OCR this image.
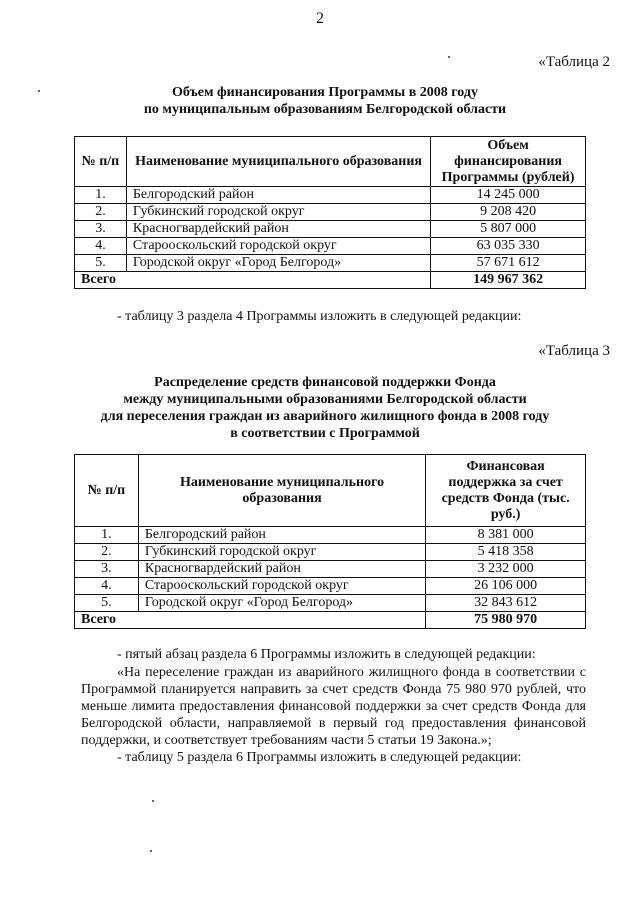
2
«Таблица 2
Объем финансирования Программы в 2008 году
по муниципальным образованиям Белгородской области
№ п/п	Наименование муниципального образования	Объем финансирования Программы (рублей)
1.	Белгородский район	14 245 000
2.	Губкинский городской округ	9 208 420
3.	Красногвардейский район	5 807 000
4.	Старооскольский городской округ	63 035 330
5.	Городской округ «Город Белгород»	57 671 612
Всего		149 967 362
- таблицу 3 раздела 4 Программы изложить в следующей редакции:
«Таблица 3
Распределение средств финансовой поддержки Фонда
между муниципальными образованиями Белгородской области
для переселения граждан из аварийного жилищного фонда в 2008 году
в соответствии с Программой
№ п/п	Наименование муниципального образования	Финансовая поддержка за счет средств Фонда (тыс. руб.)
1.	Белгородский район	8 381 000
2.	Губкинский городской округ	5 418 358
3.	Красногвардейский район	3 232 000
4.	Старооскольский городской округ	26 106 000
5.	Городской округ «Город Белгород»	32 843 612
Всего		75 980 970
- пятый абзац раздела 6 Программы изложить в следующей редакции:

«На переселение граждан из аварийного жилищного фонда в соответствии с Программой планируется направить за счет средств Фонда 75 980 970 рублей, что меньше лимита предоставления финансовой поддержки за счет средств Фонда для Белгородской области, направляемой в первый год предоставления финансовой поддержки, и соответствует требованиям части 5 статьи 19 Закона.»;

- таблицу 5 раздела 6 Программы изложить в следующей редакции:
